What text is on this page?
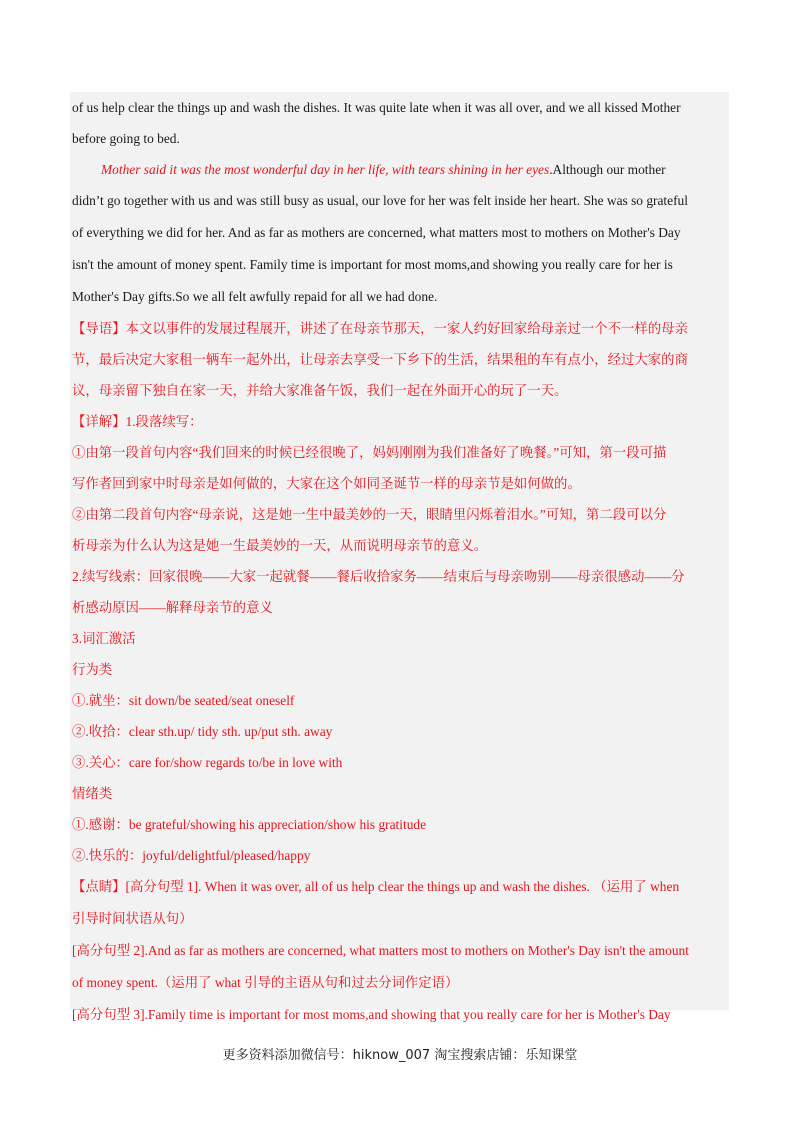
of us help clear the things up and wash the dishes. It was quite late when it was all over, and we all kissed Mother
before going to bed.
Mother said it was the most wonderful day in her life, with tears shining in her eyes.Although our mother
didn’t go together with us and was still busy as usual, our love for her was felt inside her heart. She was so grateful
of everything we did for her. And as far as mothers are concerned, what matters most to mothers on Mother's Day
isn't the amount of money spent. Family time is important for most moms,and showing you really care for her is
Mother's Day gifts.So we all felt awfully repaid for all we had done.
【导语】本文以事件的发展过程展开，讲述了在母亲节那天，一家人约好回家给母亲过一个不一样的母亲
节，最后决定大家租一辆车一起外出，让母亲去享受一下乡下的生活，结果租的车有点小，经过大家的商
议，母亲留下独自在家一天，并给大家准备午饭，我们一起在外面开心的玩了一天。
【详解】1.段落续写：
①由第一段首句内容“我们回来的时候已经很晚了，妈妈刚刚为我们准备好了晚餐。”可知，第一段可描
写作者回到家中时母亲是如何做的，大家在这个如同圣诞节一样的母亲节是如何做的。
②由第二段首句内容“母亲说，这是她一生中最美妙的一天，眼睛里闪烁着泪水。”可知，第二段可以分
析母亲为什么认为这是她一生最美妙的一天，从而说明母亲节的意义。
2.续写线索：回家很晚——大家一起就餐——餐后收拾家务——结束后与母亲吻别——母亲很感动——分
析感动原因——解释母亲节的意义
3.词汇激活
行为类
①.就坐：sit down/be seated/seat oneself
②.收拾：clear sth.up/ tidy sth. up/put sth. away
③.关心：care for/show regards to/be in love with
情绪类
①.感谢：be grateful/showing his appreciation/show his gratitude
②.快乐的：joyful/delightful/pleased/happy
【点睛】[高分句型 1]. When it was over, all of us help clear the things up and wash the dishes. （运用了 when
引导时间状语从句）
[高分句型 2].And as far as mothers are concerned, what matters most to mothers on Mother's Day isn't the amount
of money spent.（运用了 what 引导的主语从句和过去分词作定语）
[高分句型 3].Family time is important for most moms,and showing that you really care for her is Mother's Day
更多资料添加微信号：hiknow_007 淘宝搜索店铺：乐知课堂
